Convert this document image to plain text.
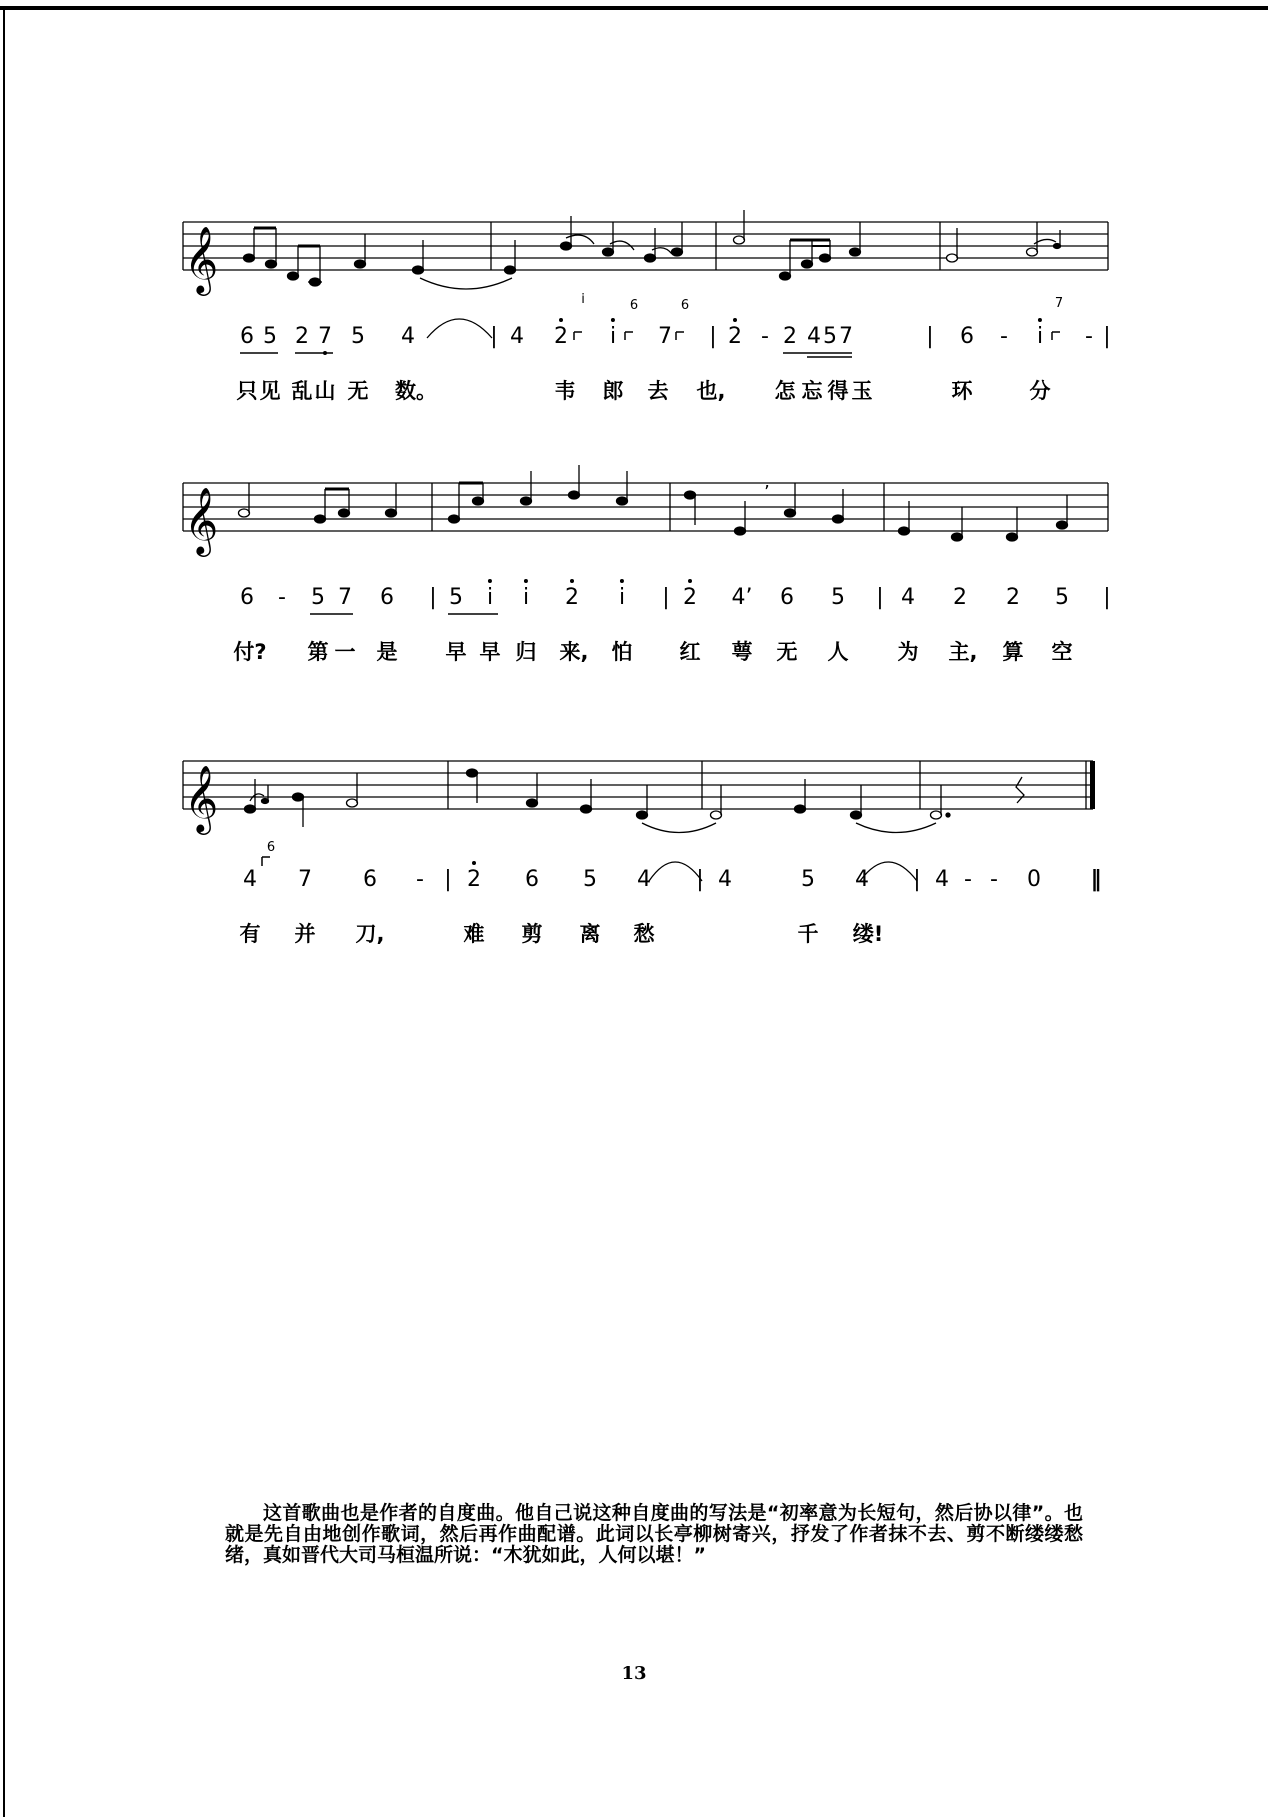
𝄞
6 5 2 7 5 4	| 4 2 i 7 | 2 - 2 4 5 7	| 6 - i - |
i	6	6	7
只 见 乱 山 无 数。	韦 郎 去 也, 怎 忘 得 玉	环	分
𝄞	’
6 - 5 7 6 | 5 i i 2 i | 2 4’ 6 5 | 4 2 2 5 |
付? 第 一 是 早 早 归 来, 怕 红 萼 无 人 为 主, 算 空
𝄞
4 7 6 - | 2 6 5 4 | 4	5 4 | 4 - - 0 ‖
6
有 并 刀,	难 剪 离 愁	千 缕!

这首歌曲也是作者的自度曲。他自己说这种自度曲的写法是“初率意为长短句，然后协以律”。也就是先自由地创作歌词，然后再作曲配谱。此词以长亭柳树寄兴，抒发了作者抹不去、剪不断缕缕愁绪，真如晋代大司马桓温所说：“木犹如此，人何以堪！”

13
